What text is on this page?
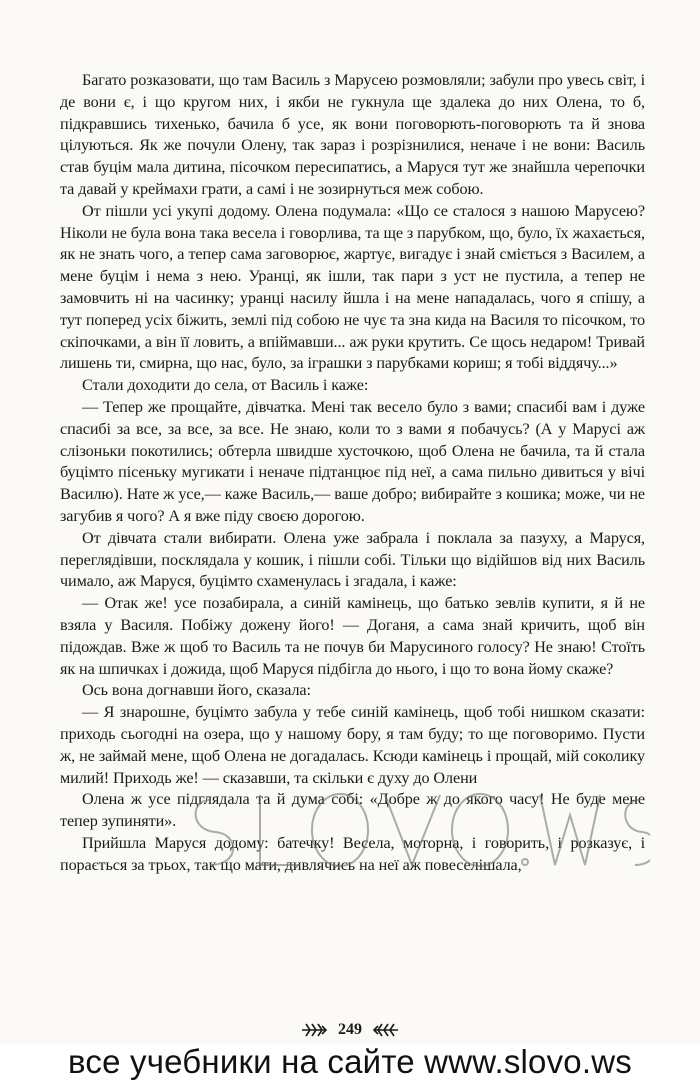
Багато розказовати, що там Василь з Марусею розмовляли; забули про увесь світ, і де вони є, і що кругом них, і якби не гукнула ще здалека до них Олена, то б, підкравшись тихенько, бачила б усе, як вони поговорють-поговорють та й знова цілуються. Як же почули Олену, так зараз і розрізнилися, неначе і не вони: Василь став буцім мала дитина, пісочком пересипатись, а Маруся тут же знайшла черепочки та давай у креймахи грати, а самі і не зозирнуться меж собою.

От пішли усі укупі додому. Олена подумала: «Що се сталося з нашою Марусею? Ніколи не була вона така весела і говорлива, та ще з парубком, що, було, їх жахається, як не знать чого, а тепер сама заговорює, жартує, вигадує і знай сміється з Василем, а мене буцім і нема з нею. Уранці, як ішли, так пари з уст не пустила, а тепер не замовчить ні на часинку; уранці насилу йшла і на мене нападалась, чого я спішу, а тут поперед усіх біжить, землі під собою не чує та зна кида на Василя то пісочком, то скіпочками, а він її ловить, а впіймавши... аж руки крутить. Се щось недаром! Тривай лишень ти, смирна, що нас, було, за іграшки з парубками кориш; я тобі віддячу...»

Стали доходити до села, от Василь і каже:

— Тепер же прощайте, дівчатка. Мені так весело було з вами; спасибі вам і дуже спасибі за все, за все, за все. Не знаю, коли то з вами я побачусь? (А у Марусі аж слізоньки покотились; обтерла швидше хусточкою, щоб Олена не бачила, та й стала буцімто пісеньку мугикати і неначе підтанцює під неї, а сама пильно дивиться у вічі Василю). Нате ж усе,— каже Василь,— ваше добро; вибирайте з кошика; може, чи не загубив я чого? А я вже піду своєю дорогою.

От дівчата стали вибирати. Олена уже забрала і поклала за пазуху, а Маруся, переглядівши, посклядала у кошик, і пішли собі. Тільки що відійшов від них Василь чимало, аж Маруся, буцімто схаменулась і згадала, і каже:

— Отак же! усе позабирала, а синій камінець, що батько зевлів купити, я й не взяла у Василя. Побіжу дожену його! — Доганя, а сама знай кричить, щоб він підождав. Вже ж щоб то Василь та не почув би Марусиного голосу? Не знаю! Стоїть як на шпичках і дожида, щоб Маруся підбігла до нього, і що то вона йому скаже?

Ось вона догнавши його, сказала:

— Я знарошне, буцімто забула у тебе синій камінець, щоб тобі нишком сказати: приходь сьогодні на озера, що у нашому бору, я там буду; то ще поговоримо. Пусти ж, не займай мене, щоб Олена не догадалась. Ксюди камінець і прощай, мій соколику милий! Приходь же! — сказавши, та скільки є духу до Олени

Олена ж усе підглядала та й дума собі: «Добре ж до якого часу! Не буде мене тепер зупиняти».

Прийшла Маруся додому: батечку! Весела, моторна, і говорить, і розказує, і порається за трьох, так що мати, дивлячись на неї аж повеселішала,

249
все учебники на сайте www.slovo.ws
